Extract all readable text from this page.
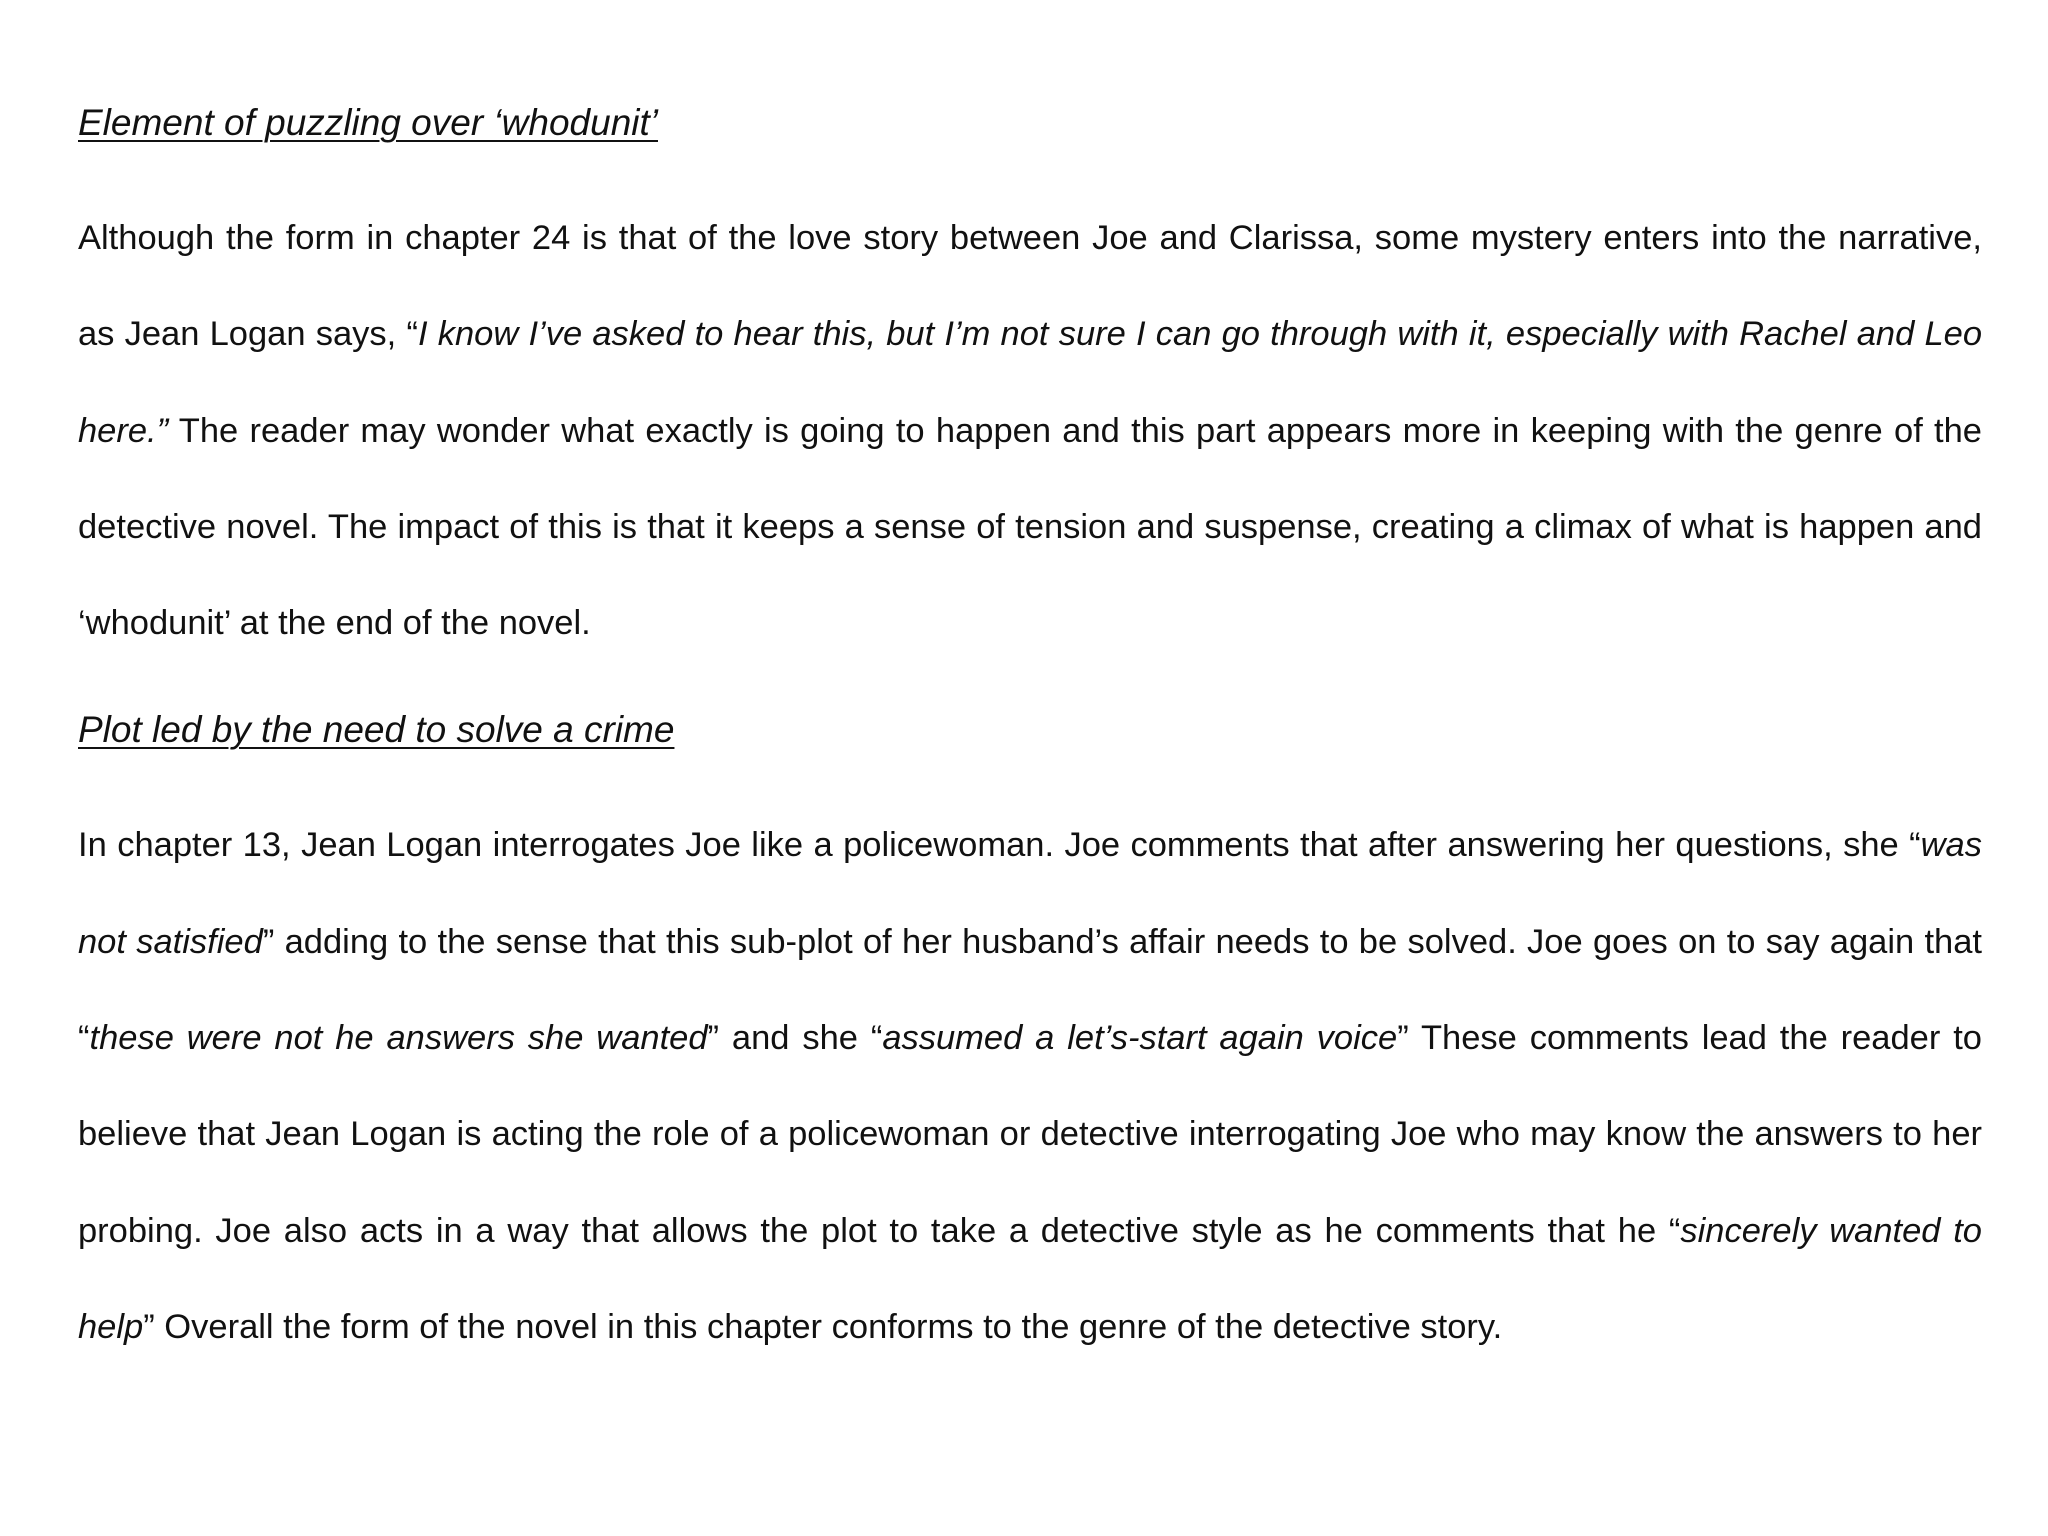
Element of puzzling over ‘whodunit’

Although the form in chapter 24 is that of the love story between Joe and Clarissa, some mystery enters into the narrative, as Jean Logan says, “I know I’ve asked to hear this, but I’m not sure I can go through with it, especially with Rachel and Leo here.” The reader may wonder what exactly is going to happen and this part appears more in keeping with the genre of the detective novel. The impact of this is that it keeps a sense of tension and suspense, creating a climax of what is happen and ‘whodunit’ at the end of the novel.

Plot led by the need to solve a crime

In chapter 13, Jean Logan interrogates Joe like a policewoman. Joe comments that after answering her questions, she “was not satisfied” adding to the sense that this sub-plot of her husband’s affair needs to be solved. Joe goes on to say again that “these were not he answers she wanted” and she “assumed a let’s-start again voice” These comments lead the reader to believe that Jean Logan is acting the role of a policewoman or detective interrogating Joe who may know the answers to her probing. Joe also acts in a way that allows the plot to take a detective style as he comments that he “sincerely wanted to help” Overall the form of the novel in this chapter conforms to the genre of the detective story.
